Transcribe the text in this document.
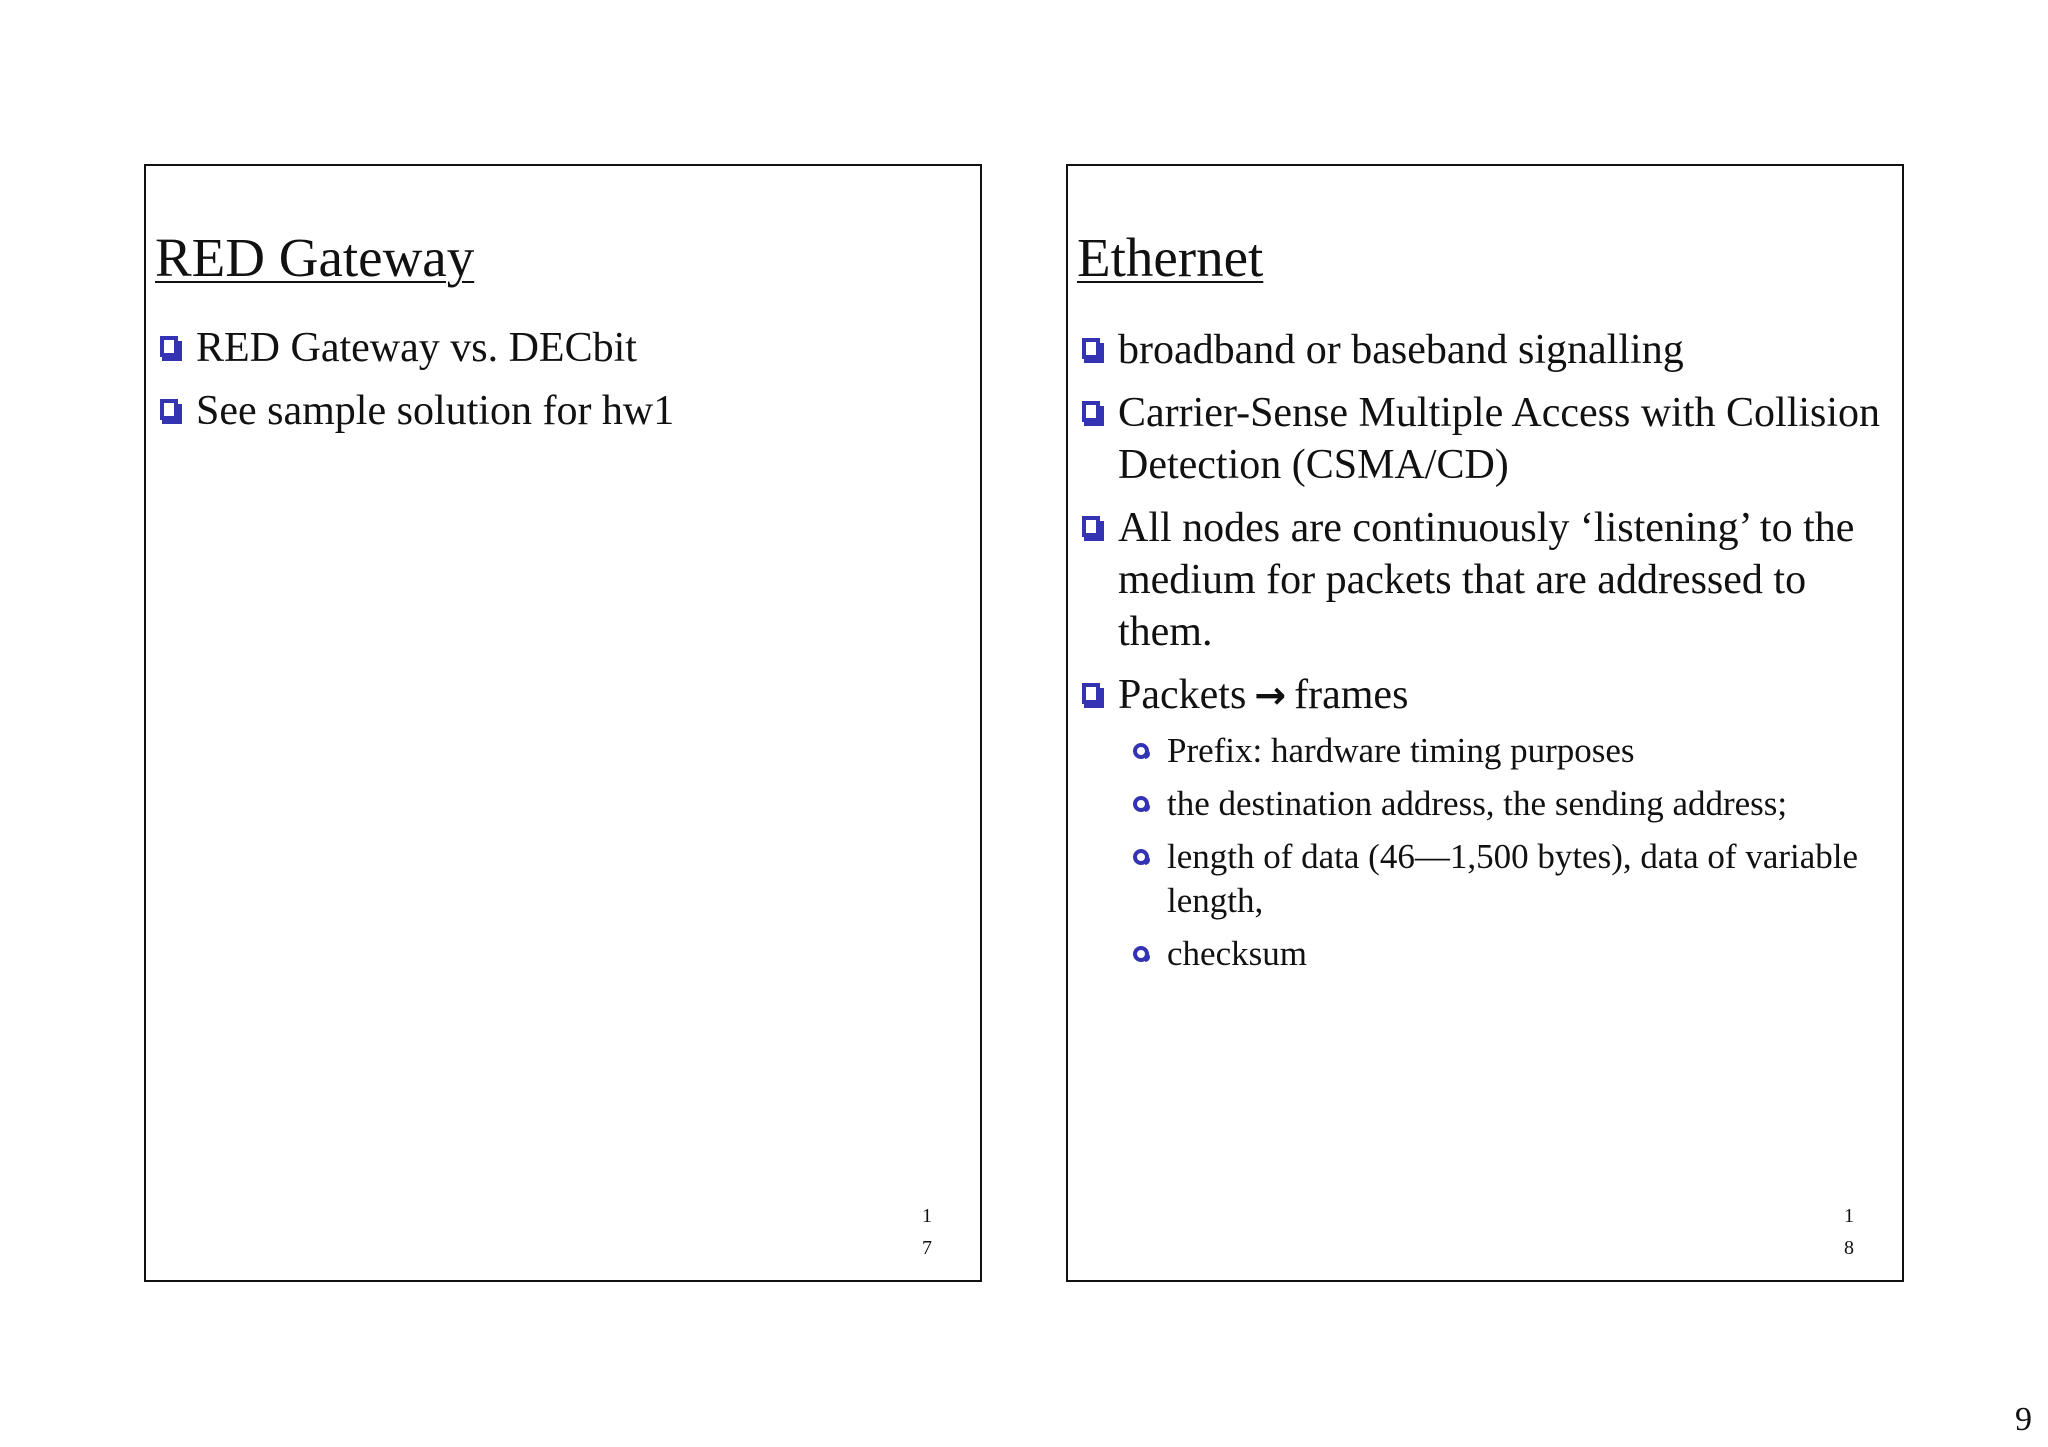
RED Gateway
RED Gateway vs. DECbit
See sample solution for hw1
17
Ethernet
broadband or baseband signalling
Carrier-Sense Multiple Access with Collision Detection (CSMA/CD)
All nodes are continuously ‘listening’ to the medium for packets that are addressed to them.
Packets → frames
Prefix: hardware timing purposes
the destination address, the sending address;
length of data (46—1,500 bytes), data of variable length,
checksum
18
9
